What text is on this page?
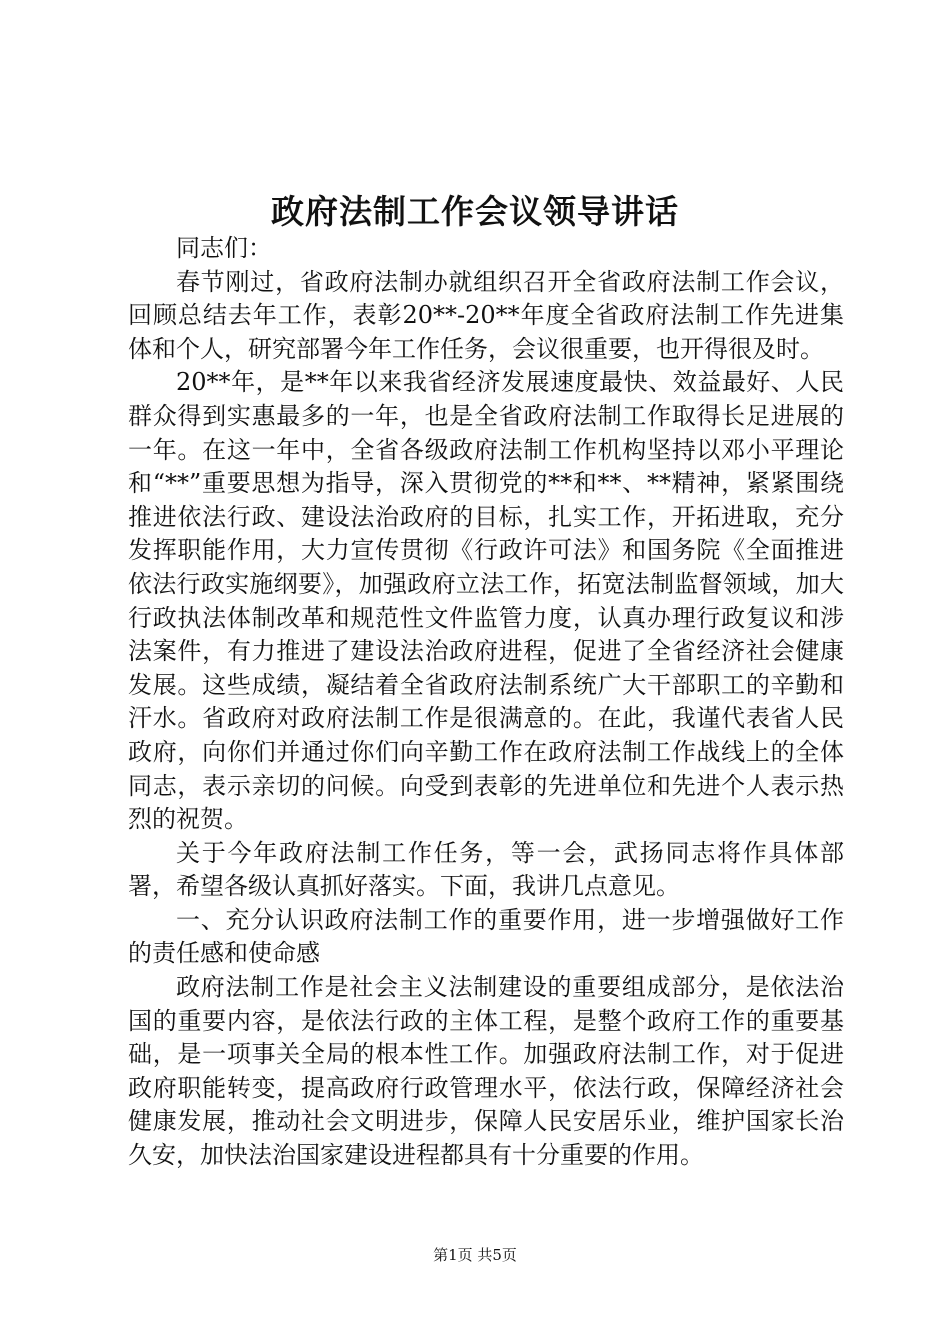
政府法制工作会议领导讲话

同志们：

春节刚过，省政府法制办就组织召开全省政府法制工作会议，回顾总结去年工作，表彰20**-20**年度全省政府法制工作先进集体和个人，研究部署今年工作任务，会议很重要，也开得很及时。

20**年，是**年以来我省经济发展速度最快、效益最好、人民群众得到实惠最多的一年，也是全省政府法制工作取得长足进展的一年。在这一年中，全省各级政府法制工作机构坚持以邓小平理论和“**”重要思想为指导，深入贯彻党的**和**、**精神，紧紧围绕推进依法行政、建设法治政府的目标，扎实工作，开拓进取，充分发挥职能作用，大力宣传贯彻《行政许可法》和国务院《全面推进依法行政实施纲要》，加强政府立法工作，拓宽法制监督领域，加大行政执法体制改革和规范性文件监管力度，认真办理行政复议和涉法案件，有力推进了建设法治政府进程，促进了全省经济社会健康发展。这些成绩，凝结着全省政府法制系统广大干部职工的辛勤和汗水。省政府对政府法制工作是很满意的。在此，我谨代表省人民政府，向你们并通过你们向辛勤工作在政府法制工作战线上的全体同志，表示亲切的问候。向受到表彰的先进单位和先进个人表示热烈的祝贺。

关于今年政府法制工作任务，等一会，武扬同志将作具体部署，希望各级认真抓好落实。下面，我讲几点意见。

一、充分认识政府法制工作的重要作用，进一步增强做好工作的责任感和使命感

政府法制工作是社会主义法制建设的重要组成部分，是依法治国的重要内容，是依法行政的主体工程，是整个政府工作的重要基础，是一项事关全局的根本性工作。加强政府法制工作，对于促进政府职能转变，提高政府行政管理水平，依法行政，保障经济社会健康发展，推动社会文明进步，保障人民安居乐业，维护国家长治久安，加快法治国家建设进程都具有十分重要的作用。

第1页 共5页
